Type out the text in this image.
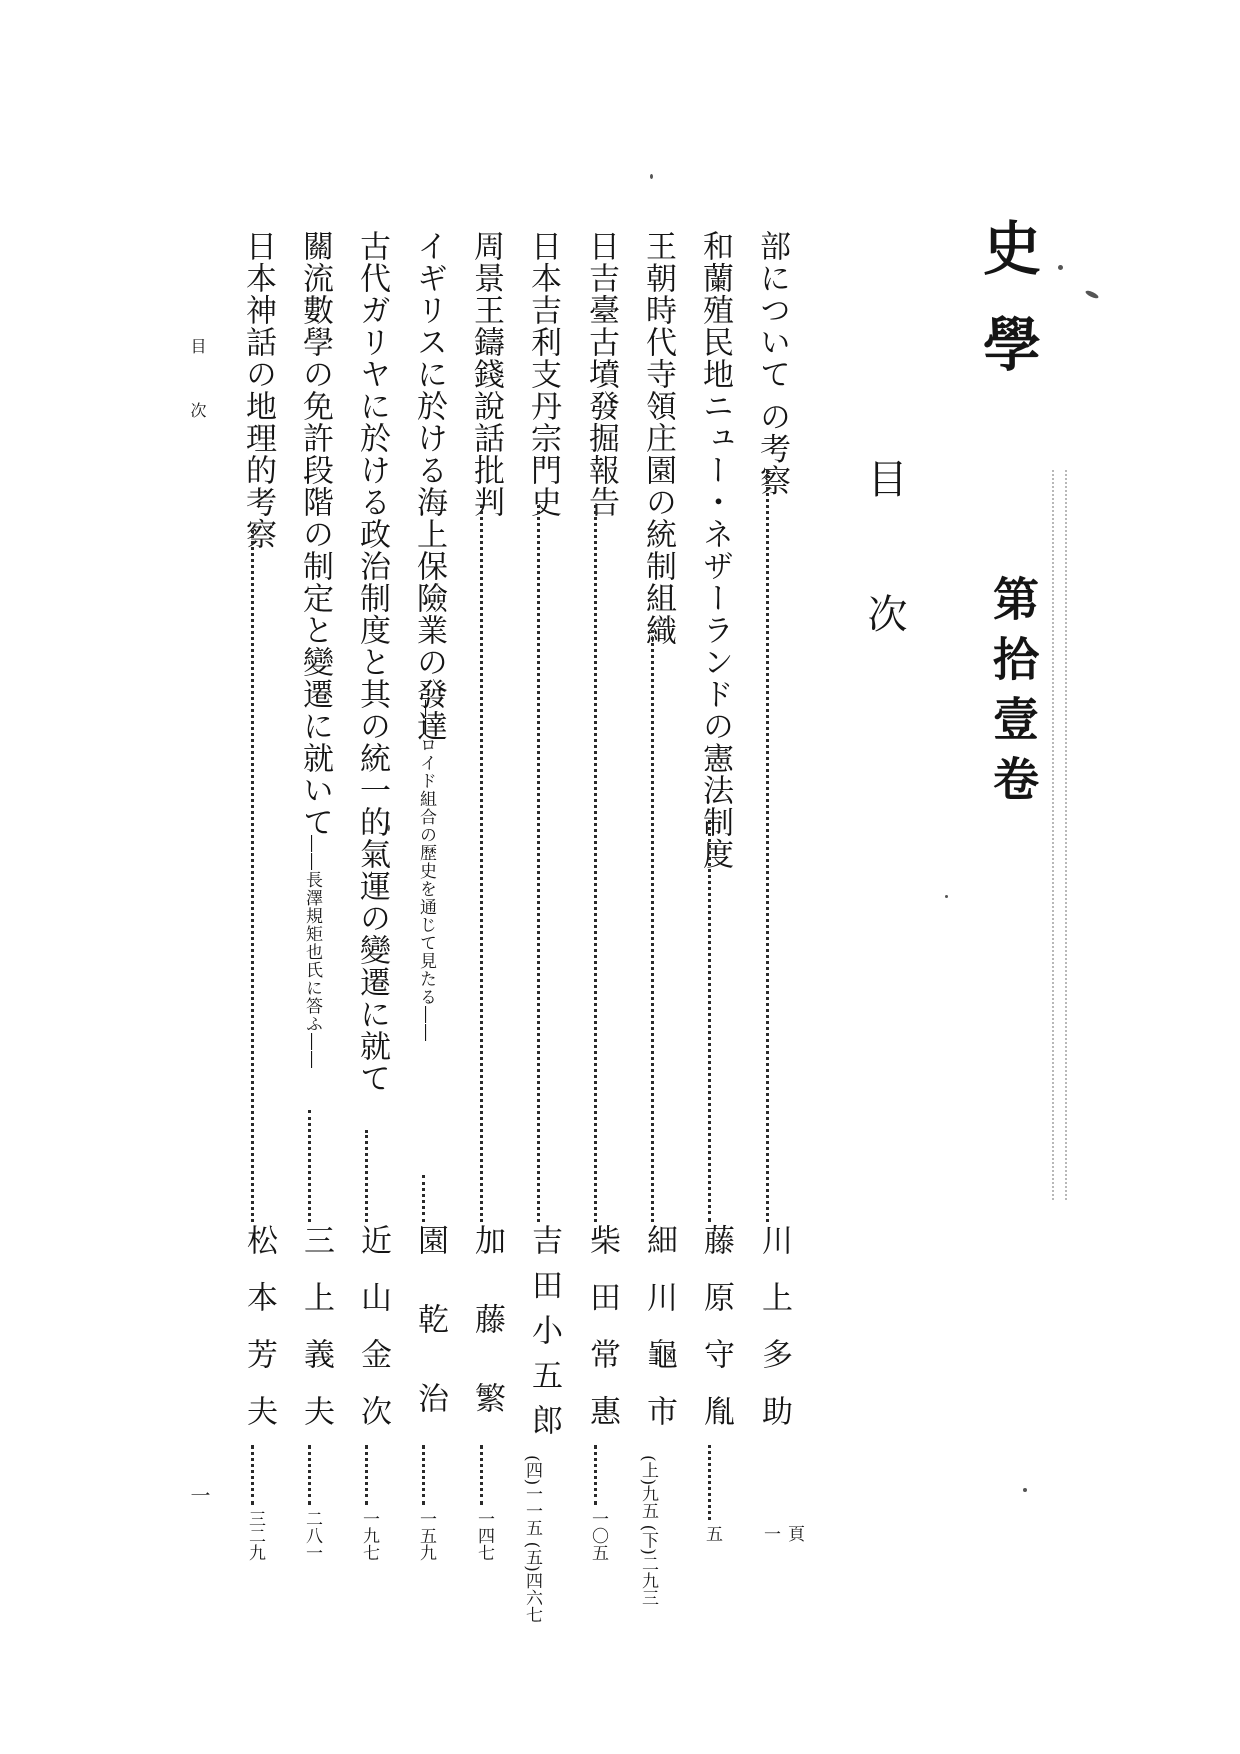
史學
第拾壹卷
目次
部について の考察
川上多助
一 頁
和蘭殖民地ニュー・ネザーランドの憲法制度
藤原守胤
五
王朝時代寺領庄園の統制組織
細川龜市
(上)九五 (下)二九三
日吉臺古墳發掘報告
柴田常惠
一〇五
日本吉利支丹宗門史
吉田小五郎
(四)一一五 (五)四六七
周景王鑄錢說話批判
加藤繁
一四七
イギリスに於ける海上保險業の發達
――ロイド組合の歷史を通じて見たる――
園乾治
一五九
古代ガリヤに於ける政治制度と其の統一的氣運の變遷に就て
近山金次
一九七
關流數學の免許段階の制定と變遷に就いて
――長澤規矩也氏に答ふ――
三上義夫
二八一
日本神話の地理的考察
松本芳夫
三二九
目次
一
